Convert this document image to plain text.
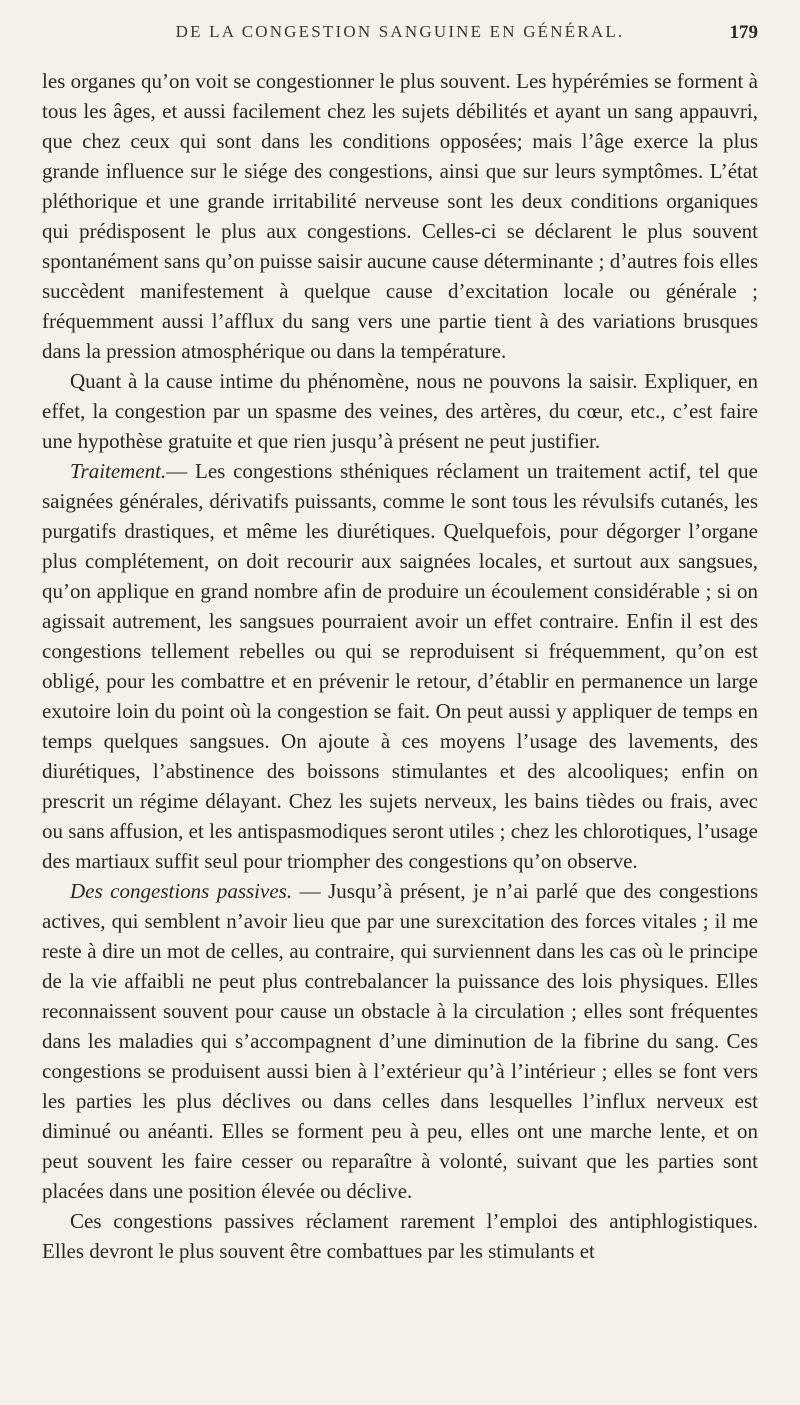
DE LA CONGESTION SANGUINE EN GÉNÉRAL.	179

les organes qu’on voit se congestionner le plus souvent. Les hypérémies se forment à tous les âges, et aussi facilement chez les sujets débilités et ayant un sang appauvri, que chez ceux qui sont dans les conditions opposées; mais l’âge exerce la plus grande influence sur le siége des congestions, ainsi que sur leurs symptômes. L’état pléthorique et une grande irritabilité nerveuse sont les deux conditions organiques qui prédisposent le plus aux congestions. Celles-ci se déclarent le plus souvent spontanément sans qu’on puisse saisir aucune cause déterminante ; d’autres fois elles succèdent manifestement à quelque cause d’excitation locale ou générale ; fréquemment aussi l’afflux du sang vers une partie tient à des variations brusques dans la pression atmosphérique ou dans la température.

Quant à la cause intime du phénomène, nous ne pouvons la saisir. Expliquer, en effet, la congestion par un spasme des veines, des artères, du cœur, etc., c’est faire une hypothèse gratuite et que rien jusqu’à présent ne peut justifier.

Traitement.— Les congestions sthéniques réclament un traitement actif, tel que saignées générales, dérivatifs puissants, comme le sont tous les révulsifs cutanés, les purgatifs drastiques, et même les diurétiques. Quelquefois, pour dégorger l’organe plus complétement, on doit recourir aux saignées locales, et surtout aux sangsues, qu’on applique en grand nombre afin de produire un écoulement considérable ; si on agissait autrement, les sangsues pourraient avoir un effet contraire. Enfin il est des congestions tellement rebelles ou qui se reproduisent si fréquemment, qu’on est obligé, pour les combattre et en prévenir le retour, d’établir en permanence un large exutoire loin du point où la congestion se fait. On peut aussi y appliquer de temps en temps quelques sangsues. On ajoute à ces moyens l’usage des lavements, des diurétiques, l’abstinence des boissons stimulantes et des alcooliques; enfin on prescrit un régime délayant. Chez les sujets nerveux, les bains tièdes ou frais, avec ou sans affusion, et les antispasmodiques seront utiles ; chez les chlorotiques, l’usage des martiaux suffit seul pour triompher des congestions qu’on observe.

Des congestions passives. — Jusqu’à présent, je n’ai parlé que des congestions actives, qui semblent n’avoir lieu que par une surexcitation des forces vitales ; il me reste à dire un mot de celles, au contraire, qui surviennent dans les cas où le principe de la vie affaibli ne peut plus contrebalancer la puissance des lois physiques. Elles reconnaissent souvent pour cause un obstacle à la circulation ; elles sont fréquentes dans les maladies qui s’accompagnent d’une diminution de la fibrine du sang. Ces congestions se produisent aussi bien à l’extérieur qu’à l’intérieur ; elles se font vers les parties les plus déclives ou dans celles dans lesquelles l’influx nerveux est diminué ou anéanti. Elles se forment peu à peu, elles ont une marche lente, et on peut souvent les faire cesser ou reparaître à volonté, suivant que les parties sont placées dans une position élevée ou déclive.

Ces congestions passives réclament rarement l’emploi des antiphlogistiques. Elles devront le plus souvent être combattues par les stimulants et
